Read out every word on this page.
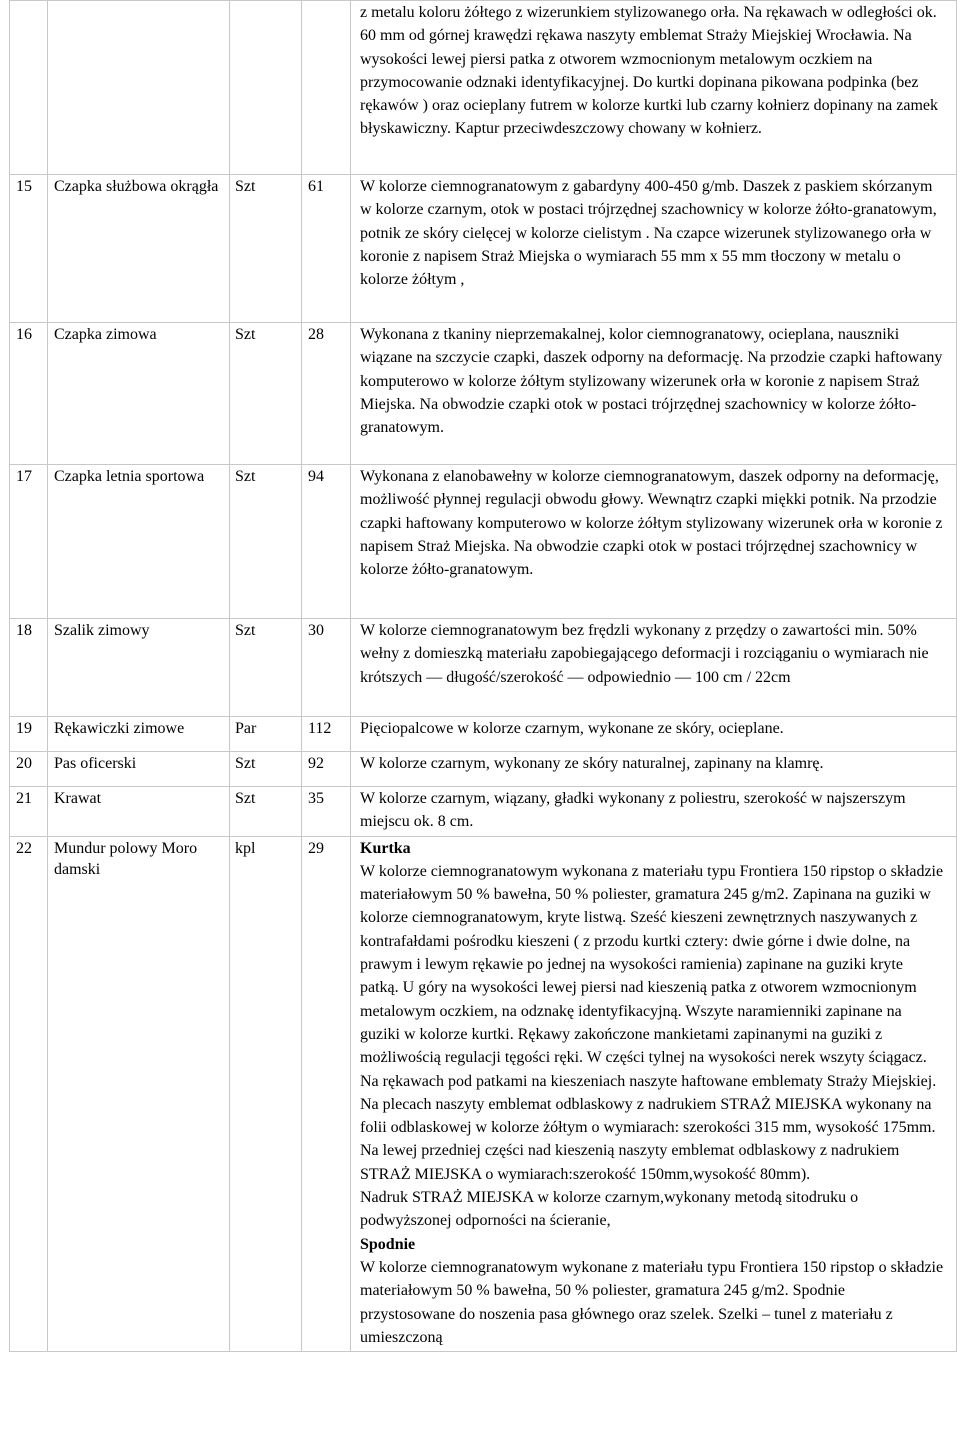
				z metalu koloru żółtego z wizerunkiem stylizowanego orła. Na rękawach w odległości ok. 60 mm od górnej krawędzi rękawa naszyty emblemat Straży Miejskiej Wrocławia. Na wysokości lewej piersi patka z otworem wzmocnionym metalowym oczkiem na przymocowanie odznaki identyfikacyjnej. Do kurtki dopinana pikowana podpinka (bez rękawów ) oraz ocieplany futrem w kolorze kurtki lub czarny kołnierz dopinany na zamek błyskawiczny. Kaptur przeciwdeszczowy chowany w kołnierz.

15	Czapka służbowa okrągła	Szt	61	W kolorze ciemnogranatowym z gabardyny 400-450 g/mb. Daszek z paskiem skórzanym w kolorze czarnym, otok w postaci trójrzędnej szachownicy w kolorze żółto-granatowym, potnik ze skóry cielęcej w kolorze cielistym . Na czapce wizerunek stylizowanego orła w koronie z napisem Straż Miejska o wymiarach 55 mm x 55 mm tłoczony w metalu o kolorze żółtym ,
16	Czapka zimowa	Szt	28	Wykonana z tkaniny nieprzemakalnej, kolor ciemnogranatowy, ocieplana, nauszniki wiązane na szczycie czapki, daszek odporny na deformację. Na przodzie czapki haftowany komputerowo w kolorze żółtym stylizowany wizerunek orła w koronie z napisem Straż Miejska. Na obwodzie czapki otok w postaci trójrzędnej szachownicy w kolorze żółto-granatowym.
17	Czapka letnia sportowa	Szt	94	Wykonana z elanobawełny w kolorze ciemnogranatowym, daszek odporny na deformację, możliwość płynnej regulacji obwodu głowy. Wewnątrz czapki miękki potnik. Na przodzie czapki haftowany komputerowo w kolorze żółtym stylizowany wizerunek orła w koronie z napisem Straż Miejska. Na obwodzie czapki otok w postaci trójrzędnej szachownicy w kolorze żółto-granatowym.
18	Szalik zimowy	Szt	30	W kolorze ciemnogranatowym bez frędzli wykonany z przędzy o zawartości min. 50% wełny z domieszką materiału zapobiegającego deformacji i rozciąganiu o wymiarach nie krótszych — długość/szerokość — odpowiednio — 100 cm / 22cm
19	Rękawiczki zimowe	Par	112	Pięciopalcowe w kolorze czarnym, wykonane ze skóry, ocieplane.
20	Pas oficerski	Szt	92	W kolorze czarnym, wykonany ze skóry naturalnej, zapinany na klamrę.
21	Krawat	Szt	35	W kolorze czarnym, wiązany, gładki wykonany z poliestru, szerokość w najszerszym miejscu ok. 8 cm.
22	Mundur polowy Moro damski	kpl	29	Kurtka

W kolorze ciemnogranatowym wykonana z materiału typu Frontiera 150 ripstop o składzie materiałowym 50 % bawełna, 50 % poliester, gramatura 245 g/m2. Zapinana na guziki w kolorze ciemnogranatowym, kryte listwą. Sześć kieszeni zewnętrznych naszywanych z kontrafałdami pośrodku kieszeni ( z przodu kurtki cztery: dwie górne i dwie dolne, na prawym i lewym rękawie po jednej na wysokości ramienia) zapinane na guziki kryte patką. U góry na wysokości lewej piersi nad kieszenią patka z otworem wzmocnionym metalowym oczkiem, na odznakę identyfikacyjną. Wszyte naramienniki zapinane na guziki w kolorze kurtki. Rękawy zakończone mankietami zapinanymi na guziki z możliwością regulacji tęgości ręki. W części tylnej na wysokości nerek wszyty ściągacz. Na rękawach pod patkami na kieszeniach naszyte haftowane emblematy Straży Miejskiej. Na plecach naszyty emblemat odblaskowy z nadrukiem STRAŻ MIEJSKA wykonany na folii odblaskowej w kolorze żółtym o wymiarach: szerokości 315 mm, wysokość 175mm. Na lewej przedniej części nad kieszenią naszyty emblemat odblaskowy z nadrukiem STRAŻ MIEJSKA o wymiarach:szerokość 150mm,wysokość 80mm).

Nadruk STRAŻ MIEJSKA w kolorze czarnym,wykonany metodą sitodruku o podwyższonej odporności na ścieranie,

Spodnie

W kolorze ciemnogranatowym wykonane z materiału typu Frontiera 150 ripstop o składzie materiałowym 50 % bawełna, 50 % poliester, gramatura 245 g/m2. Spodnie przystosowane do noszenia pasa głównego oraz szelek. Szelki – tunel z materiału z umieszczoną
